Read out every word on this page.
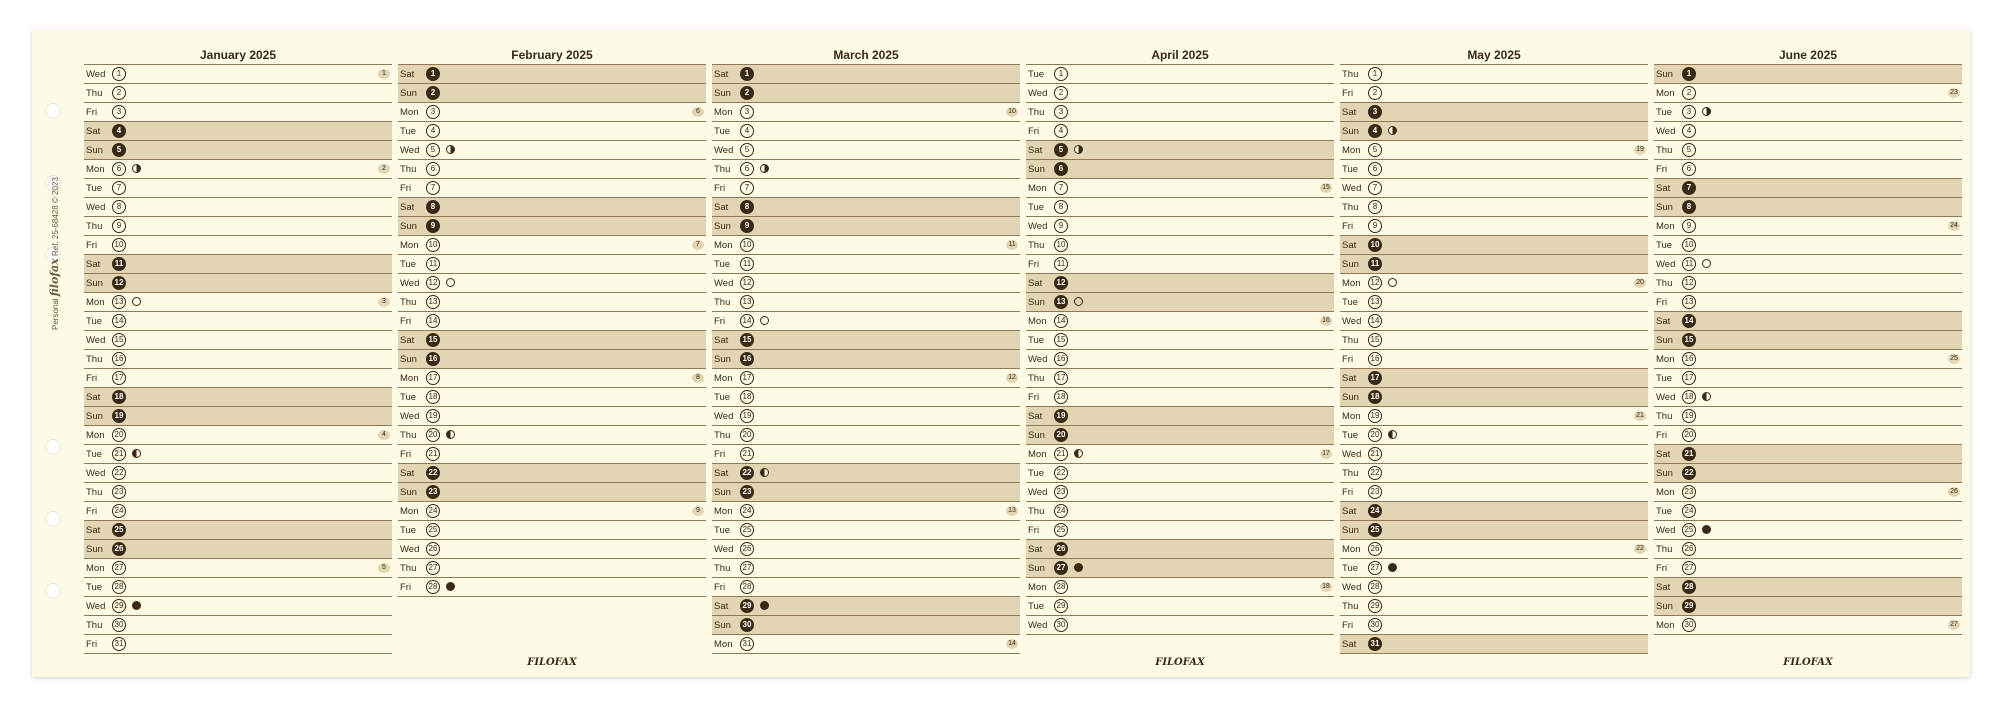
Personal filofax Ref. 25-68428 © 2023
January 2025
Wed	1	1
Thu	2
Fri	3
Sat	4
Sun	5
Mon	6	2
Tue	7
Wed	8
Thu	9
Fri	10
Sat	11
Sun	12
Mon	13	3
Tue	14
Wed	15
Thu	16
Fri	17
Sat	18
Sun	19
Mon	20	4
Tue	21
Wed	22
Thu	23
Fri	24
Sat	25
Sun	26
Mon	27	5
Tue	28
Wed	29
Thu	30
Fri	31
February 2025
Sat	1
Sun	2
Mon	3	6
Tue	4
Wed	5
Thu	6
Fri	7
Sat	8
Sun	9
Mon	10	7
Tue	11
Wed	12
Thu	13
Fri	14
Sat	15
Sun	16
Mon	17	8
Tue	18
Wed	19
Thu	20
Fri	21
Sat	22
Sun	23
Mon	24	9
Tue	25
Wed	26
Thu	27
Fri	28
FILOFAX
March 2025
Sat	1
Sun	2
Mon	3	10
Tue	4
Wed	5
Thu	6
Fri	7
Sat	8
Sun	9
Mon	10	11
Tue	11
Wed	12
Thu	13
Fri	14
Sat	15
Sun	16
Mon	17	12
Tue	18
Wed	19
Thu	20
Fri	21
Sat	22
Sun	23
Mon	24	13
Tue	25
Wed	26
Thu	27
Fri	28
Sat	29
Sun	30
Mon	31	14
April 2025
Tue	1
Wed	2
Thu	3
Fri	4
Sat	5
Sun	6
Mon	7	15
Tue	8
Wed	9
Thu	10
Fri	11
Sat	12
Sun	13
Mon	14	16
Tue	15
Wed	16
Thu	17
Fri	18
Sat	19
Sun	20
Mon	21	17
Tue	22
Wed	23
Thu	24
Fri	25
Sat	26
Sun	27
Mon	28	18
Tue	29
Wed	30
FILOFAX
May 2025
Thu	1
Fri	2
Sat	3
Sun	4
Mon	5	19
Tue	6
Wed	7
Thu	8
Fri	9
Sat	10
Sun	11
Mon	12	20
Tue	13
Wed	14
Thu	15
Fri	16
Sat	17
Sun	18
Mon	19	21
Tue	20
Wed	21
Thu	22
Fri	23
Sat	24
Sun	25
Mon	26	22
Tue	27
Wed	28
Thu	29
Fri	30
Sat	31
June 2025
Sun	1
Mon	2	23
Tue	3
Wed	4
Thu	5
Fri	6
Sat	7
Sun	8
Mon	9	24
Tue	10
Wed	11
Thu	12
Fri	13
Sat	14
Sun	15
Mon	16	25
Tue	17
Wed	18
Thu	19
Fri	20
Sat	21
Sun	22
Mon	23	26
Tue	24
Wed	25
Thu	26
Fri	27
Sat	28
Sun	29
Mon	30	27
FILOFAX
